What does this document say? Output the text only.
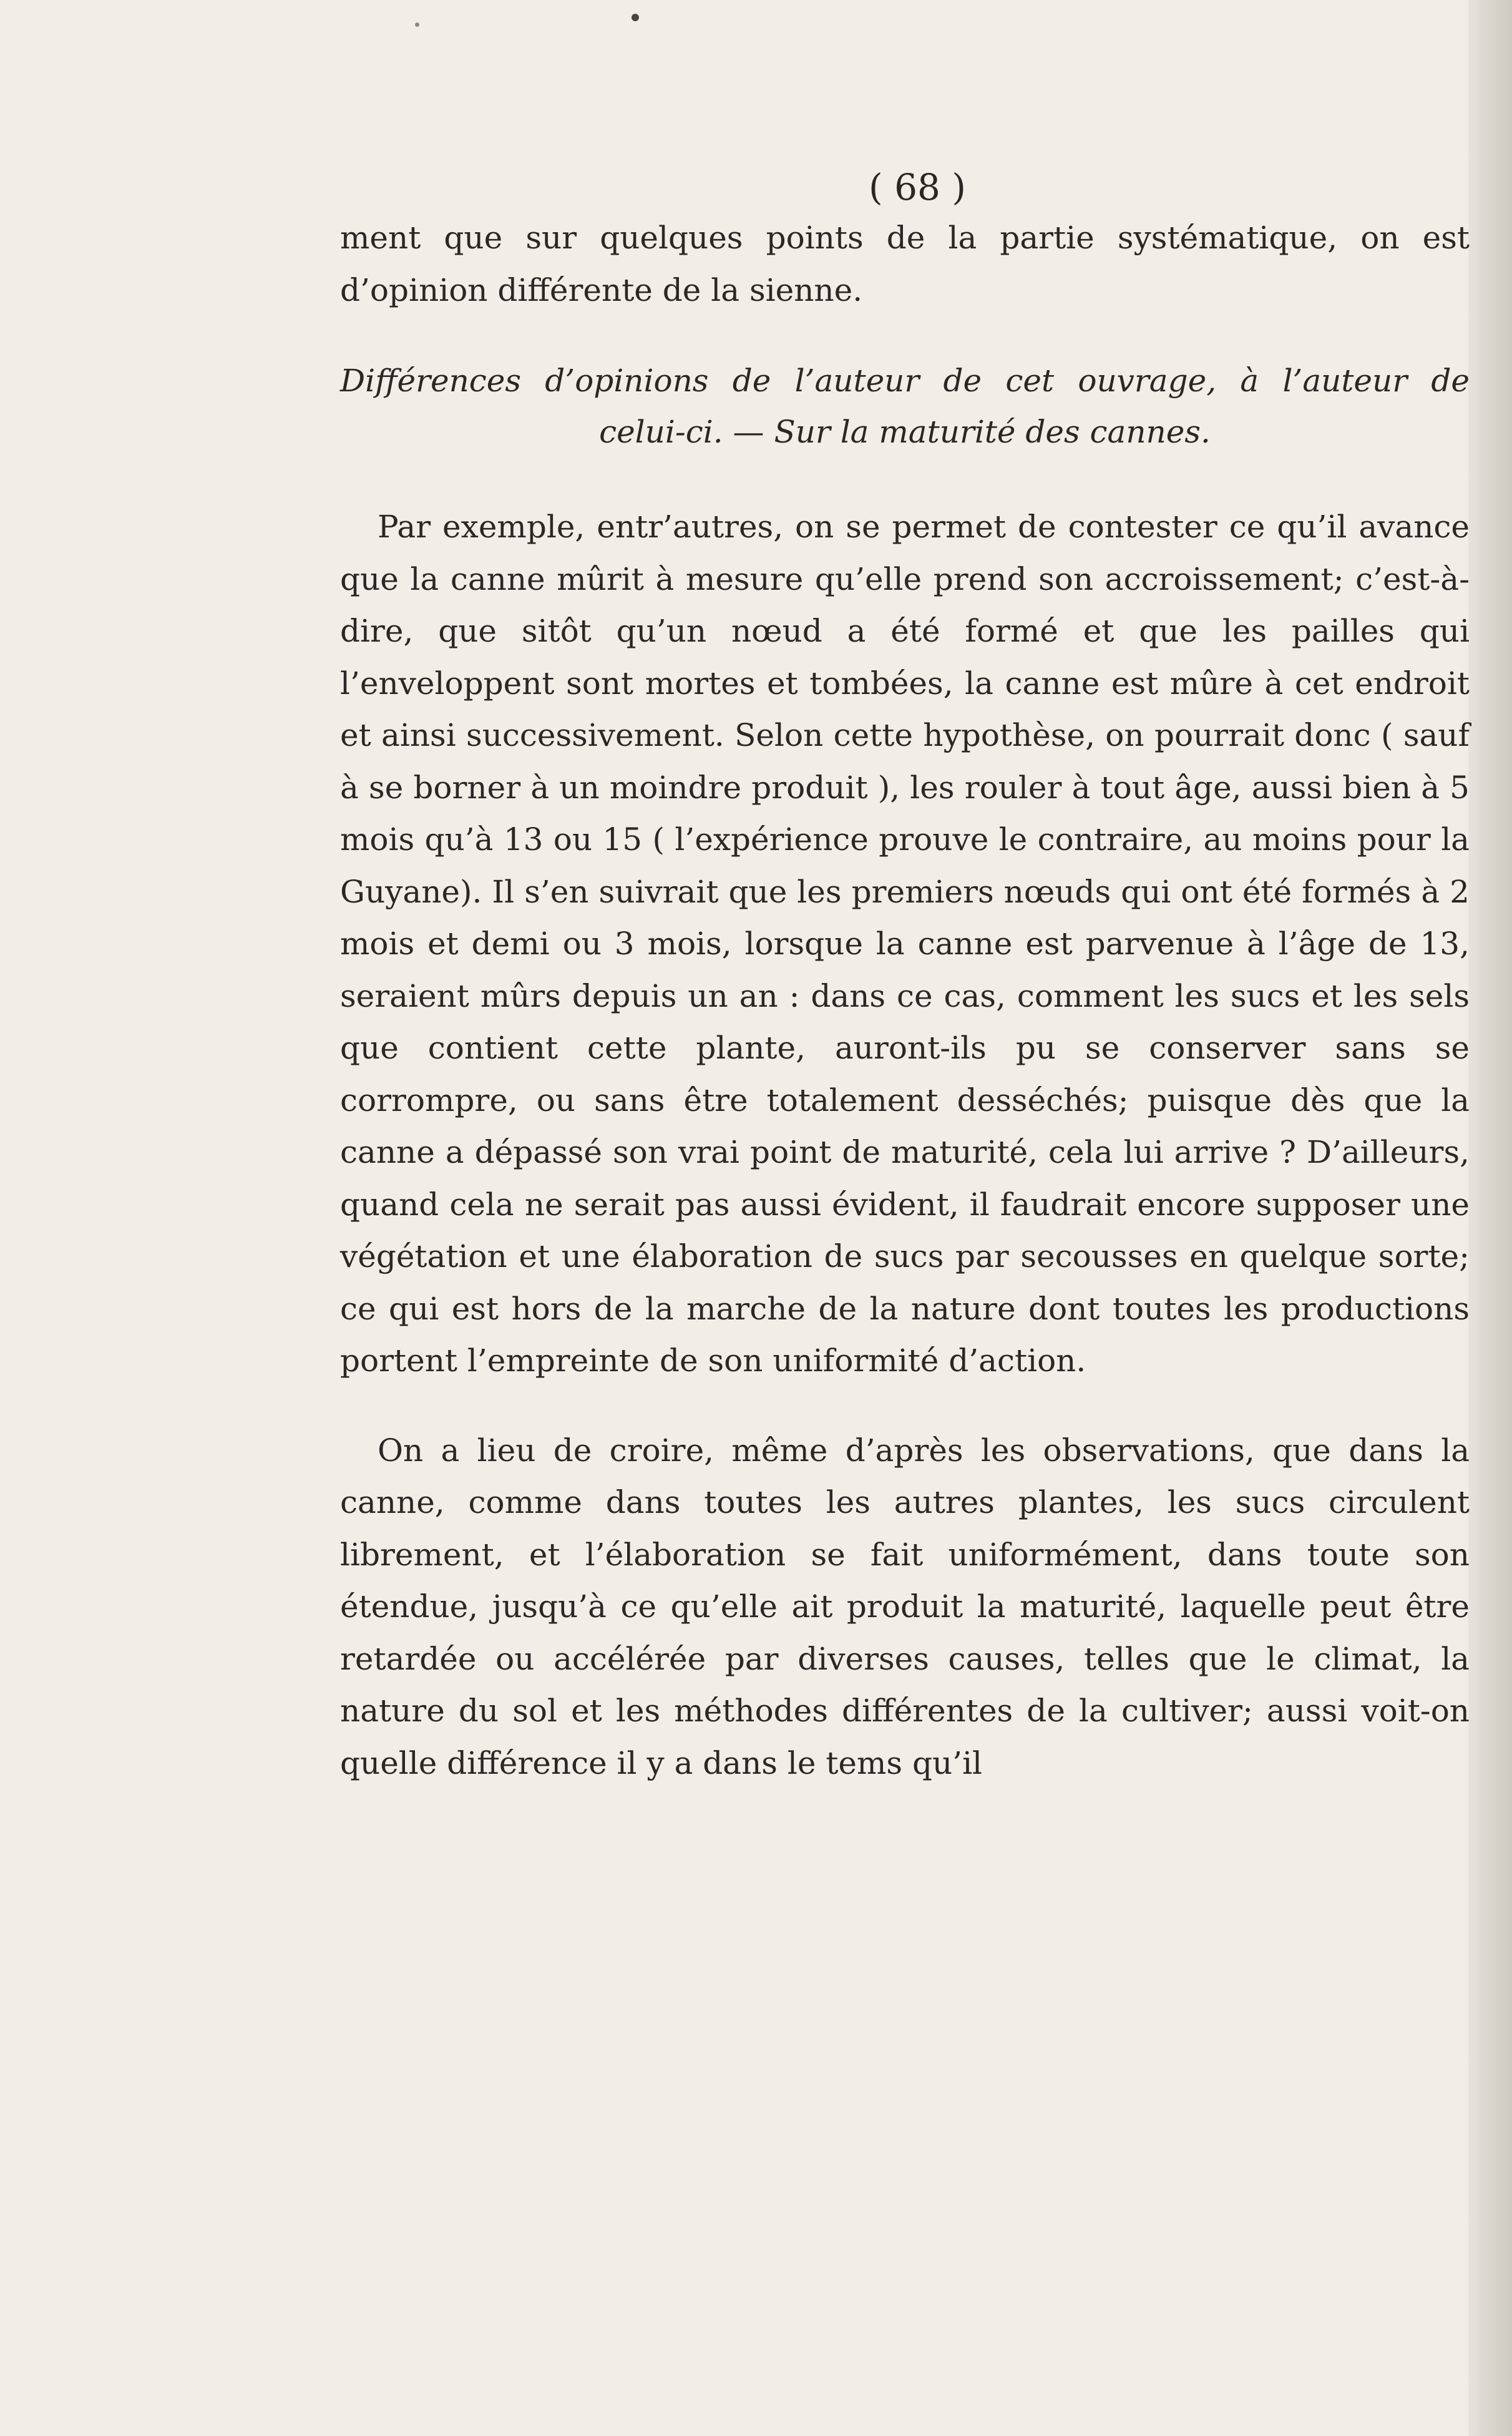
( 68 )

ment que sur quelques points de la partie systématique, on est d’opinion différente de la sienne.

Différences d’opinions de l’auteur de cet ouvrage, à l’auteur de
celui-ci. — Sur la maturité des cannes.

Par exemple, entr’autres, on se permet de contester ce qu’il avance que la canne mûrit à mesure qu’elle prend son accroissement; c’est-à-dire, que sitôt qu’un nœud a été formé et que les pailles qui l’enveloppent sont mortes et tombées, la canne est mûre à cet endroit et ainsi successivement. Selon cette hypothèse, on pourrait donc ( sauf à se borner à un moindre produit ), les rouler à tout âge, aussi bien à 5 mois qu’à 13 ou 15 ( l’expérience prouve le contraire, au moins pour la Guyane). Il s’en suivrait que les premiers nœuds qui ont été formés à 2 mois et demi ou 3 mois, lorsque la canne est parvenue à l’âge de 13, seraient mûrs depuis un an : dans ce cas, comment les sucs et les sels que contient cette plante, auront-ils pu se conserver sans se corrompre, ou sans être totalement desséchés; puisque dès que la canne a dépassé son vrai point de maturité, cela lui arrive ? D’ailleurs, quand cela ne serait pas aussi évident, il faudrait encore supposer une végétation et une élaboration de sucs par secousses en quelque sorte; ce qui est hors de la marche de la nature dont toutes les productions portent l’empreinte de son uniformité d’action.

On a lieu de croire, même d’après les observations, que dans la canne, comme dans toutes les autres plantes, les sucs circulent librement, et l’élaboration se fait uniformément, dans toute son étendue, jusqu’à ce qu’elle ait produit la maturité, laquelle peut être retardée ou accélérée par diverses causes, telles que le climat, la nature du sol et les méthodes différentes de la cultiver; aussi voit-on quelle différence il y a dans le tems qu’il
